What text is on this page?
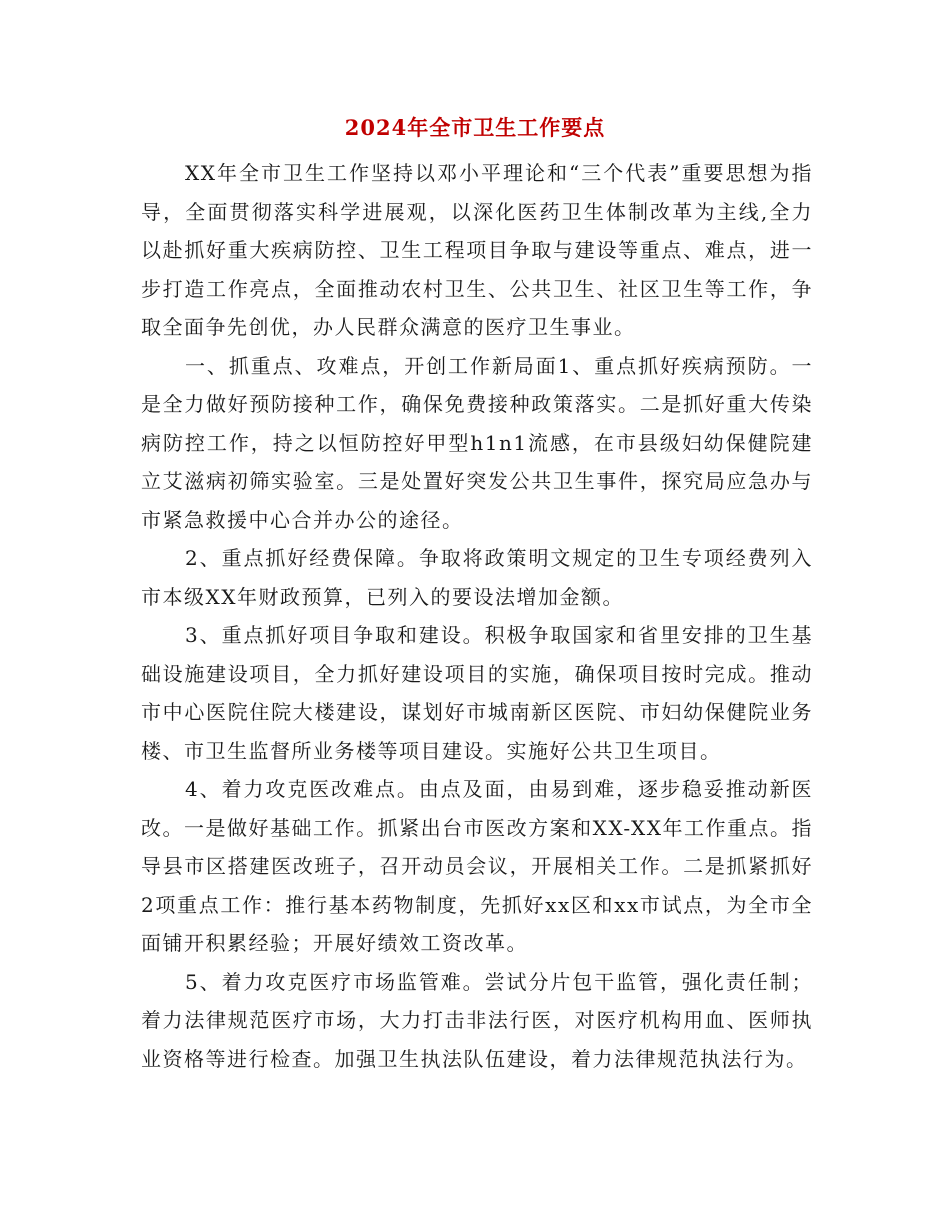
2024年全市卫生工作要点

XX年全市卫生工作坚持以邓小平理论和“三个代表”重要思想为指导，全面贯彻落实科学进展观，以深化医药卫生体制改革为主线,全力以赴抓好重大疾病防控、卫生工程项目争取与建设等重点、难点，进一步打造工作亮点，全面推动农村卫生、公共卫生、社区卫生等工作，争取全面争先创优，办人民群众满意的医疗卫生事业。

一、抓重点、攻难点，开创工作新局面1、重点抓好疾病预防。一是全力做好预防接种工作，确保免费接种政策落实。二是抓好重大传染病防控工作，持之以恒防控好甲型h1n1流感，在市县级妇幼保健院建立艾滋病初筛实验室。三是处置好突发公共卫生事件，探究局应急办与市紧急救援中心合并办公的途径。

2、重点抓好经费保障。争取将政策明文规定的卫生专项经费列入市本级XX年财政预算，已列入的要设法增加金额。

3、重点抓好项目争取和建设。积极争取国家和省里安排的卫生基础设施建设项目，全力抓好建设项目的实施，确保项目按时完成。推动市中心医院住院大楼建设，谋划好市城南新区医院、市妇幼保健院业务楼、市卫生监督所业务楼等项目建设。实施好公共卫生项目。

4、着力攻克医改难点。由点及面，由易到难，逐步稳妥推动新医改。一是做好基础工作。抓紧出台市医改方案和XX-XX年工作重点。指导县市区搭建医改班子，召开动员会议，开展相关工作。二是抓紧抓好2项重点工作：推行基本药物制度，先抓好xx区和xx市试点，为全市全面铺开积累经验；开展好绩效工资改革。

5、着力攻克医疗市场监管难。尝试分片包干监管，强化责任制；着力法律规范医疗市场，大力打击非法行医，对医疗机构用血、医师执业资格等进行检查。加强卫生执法队伍建设，着力法律规范执法行为。
